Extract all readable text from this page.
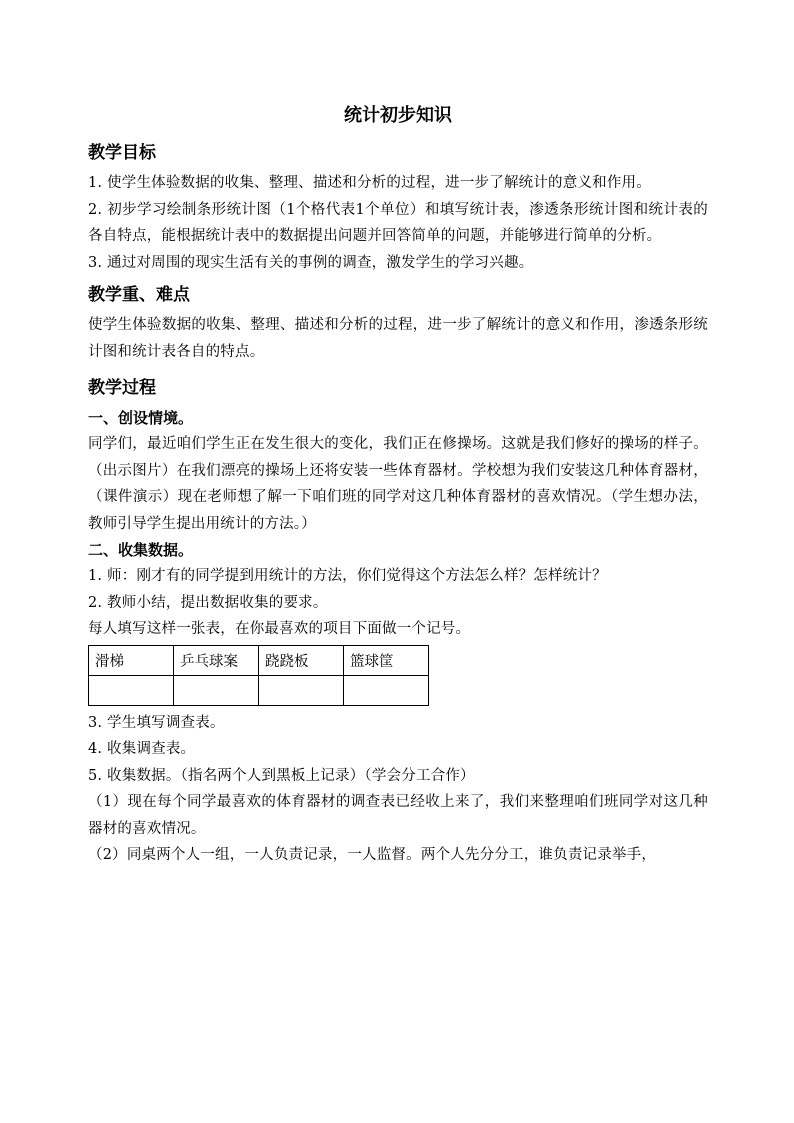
统计初步知识
教学目标

1. 使学生体验数据的收集、整理、描述和分析的过程，进一步了解统计的意义和作用。

2. 初步学习绘制条形统计图（1个格代表1个单位）和填写统计表，渗透条形统计图和统计表的各自特点，能根据统计表中的数据提出问题并回答简单的问题，并能够进行简单的分析。

3. 通过对周围的现实生活有关的事例的调查，激发学生的学习兴趣。

教学重、难点

使学生体验数据的收集、整理、描述和分析的过程，进一步了解统计的意义和作用，渗透条形统计图和统计表各自的特点。

教学过程
一、创设情境。

同学们，最近咱们学生正在发生很大的变化，我们正在修操场。这就是我们修好的操场的样子。（出示图片）在我们漂亮的操场上还将安装一些体育器材。学校想为我们安装这几种体育器材，（课件演示）现在老师想了解一下咱们班的同学对这几种体育器材的喜欢情况。（学生想办法，教师引导学生提出用统计的方法。）

二、收集数据。

1. 师：刚才有的同学提到用统计的方法，你们觉得这个方法怎么样？怎样统计？

2. 教师小结，提出数据收集的要求。

每人填写这样一张表，在你最喜欢的项目下面做一个记号。

滑梯	乒乓球案	跷跷板	篮球筐

3. 学生填写调查表。

4. 收集调查表。

5. 收集数据。（指名两个人到黑板上记录）（学会分工合作）

（1）现在每个同学最喜欢的体育器材的调查表已经收上来了，我们来整理咱们班同学对这几种器材的喜欢情况。

（2）同桌两个人一组，一人负责记录，一人监督。两个人先分分工，谁负责记录举手，
